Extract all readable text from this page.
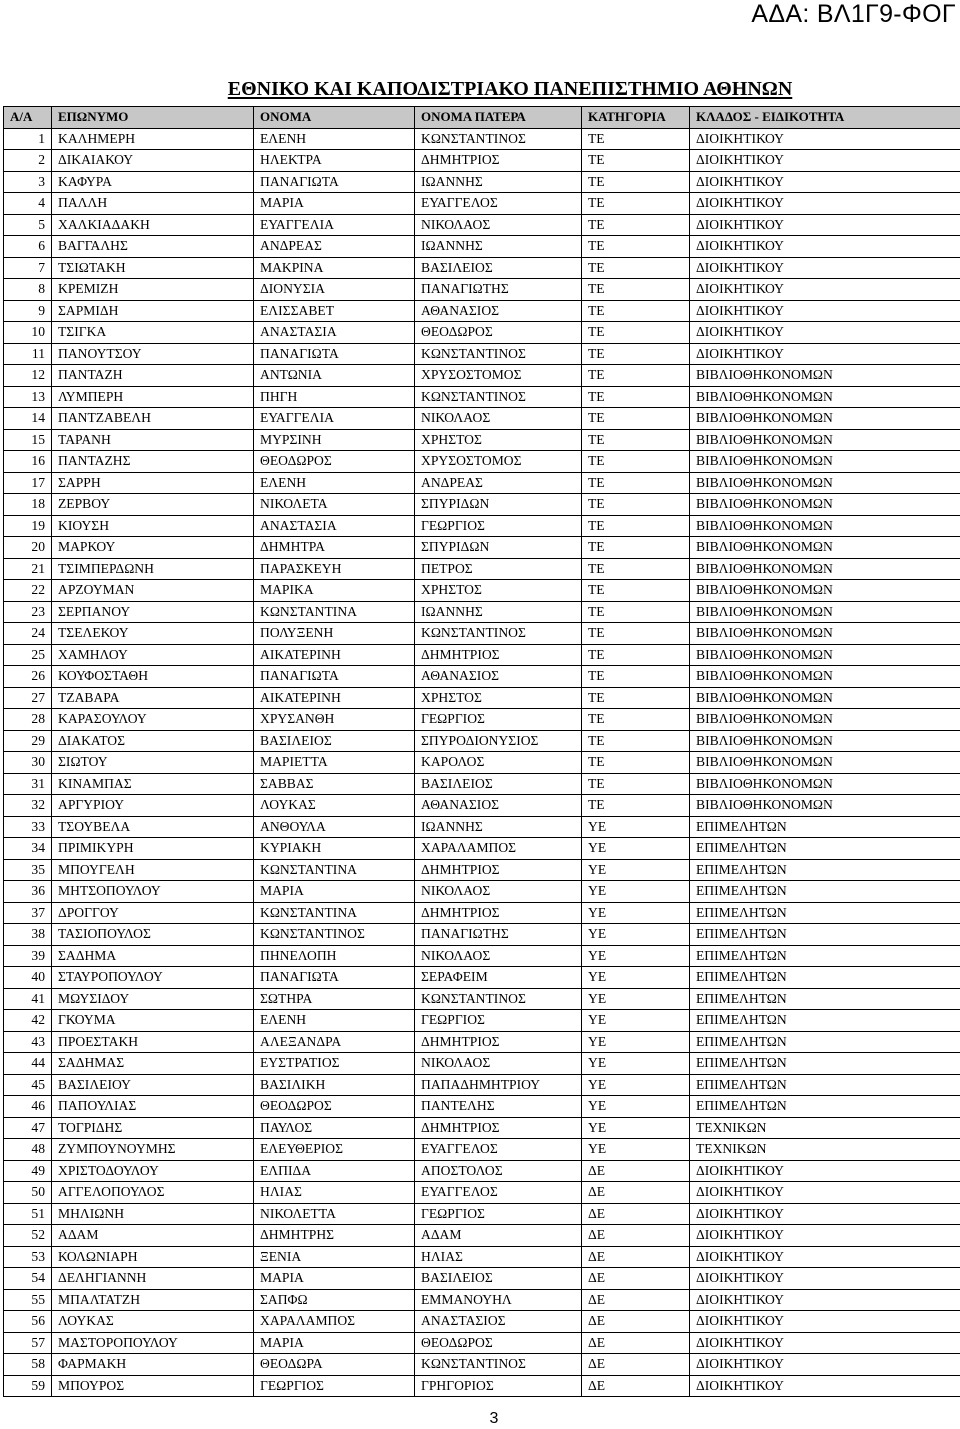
ΑΔΑ: ΒΛ1Γ9-ΦΟΓ
ΕΘΝΙΚΟ ΚΑΙ ΚΑΠΟΔΙΣΤΡΙΑΚΟ ΠΑΝΕΠΙΣΤΗΜΙΟ ΑΘΗΝΩΝ
Α/Α	ΕΠΩΝΥΜΟ	ΟΝΟΜΑ	ΟΝΟΜΑ ΠΑΤΕΡΑ	ΚΑΤΗΓΟΡΙΑ	ΚΛΑΔΟΣ - ΕΙΔΙΚΟΤΗΤΑ
1	ΚΑΛΗΜΕΡΗ	ΕΛΕΝΗ	ΚΩΝΣΤΑΝΤΙΝΟΣ	ΤΕ	ΔΙΟΙΚΗΤΙΚΟΥ
2	ΔΙΚΑΙΑΚΟΥ	ΗΛΕΚΤΡΑ	ΔΗΜΗΤΡΙΟΣ	ΤΕ	ΔΙΟΙΚΗΤΙΚΟΥ
3	ΚΑΦΥΡΑ	ΠΑΝΑΓΙΩΤΑ	ΙΩΑΝΝΗΣ	ΤΕ	ΔΙΟΙΚΗΤΙΚΟΥ
4	ΠΑΛΛΗ	ΜΑΡΙΑ	ΕΥΑΓΓΕΛΟΣ	ΤΕ	ΔΙΟΙΚΗΤΙΚΟΥ
5	ΧΑΛΚΙΑΔΑΚΗ	ΕΥΑΓΓΕΛΙΑ	ΝΙΚΟΛΑΟΣ	ΤΕ	ΔΙΟΙΚΗΤΙΚΟΥ
6	ΒΑΓΓΑΛΗΣ	ΑΝΔΡΕΑΣ	ΙΩΑΝΝΗΣ	ΤΕ	ΔΙΟΙΚΗΤΙΚΟΥ
7	ΤΣΙΩΤΑΚΗ	ΜΑΚΡΙΝΑ	ΒΑΣΙΛΕΙΟΣ	ΤΕ	ΔΙΟΙΚΗΤΙΚΟΥ
8	ΚΡΕΜΙΖΗ	ΔΙΟΝΥΣΙΑ	ΠΑΝΑΓΙΩΤΗΣ	ΤΕ	ΔΙΟΙΚΗΤΙΚΟΥ
9	ΣΑΡΜΙΔΗ	ΕΛΙΣΣΑΒΕΤ	ΑΘΑΝΑΣΙΟΣ	ΤΕ	ΔΙΟΙΚΗΤΙΚΟΥ
10	ΤΣΙΓΚΑ	ΑΝΑΣΤΑΣΙΑ	ΘΕΟΔΩΡΟΣ	ΤΕ	ΔΙΟΙΚΗΤΙΚΟΥ
11	ΠΑΝΟΥΤΣΟΥ	ΠΑΝΑΓΙΩΤΑ	ΚΩΝΣΤΑΝΤΙΝΟΣ	ΤΕ	ΔΙΟΙΚΗΤΙΚΟΥ
12	ΠΑΝΤΑΖΗ	ΑΝΤΩΝΙΑ	ΧΡΥΣΟΣΤΟΜΟΣ	ΤΕ	ΒΙΒΛΙΟΘΗΚΟΝΟΜΩΝ
13	ΛΥΜΠΕΡΗ	ΠΗΓΗ	ΚΩΝΣΤΑΝΤΙΝΟΣ	ΤΕ	ΒΙΒΛΙΟΘΗΚΟΝΟΜΩΝ
14	ΠΑΝΤΖΑΒΕΛΗ	ΕΥΑΓΓΕΛΙΑ	ΝΙΚΟΛΑΟΣ	ΤΕ	ΒΙΒΛΙΟΘΗΚΟΝΟΜΩΝ
15	ΤΑΡΑΝΗ	ΜΥΡΣΙΝΗ	ΧΡΗΣΤΟΣ	ΤΕ	ΒΙΒΛΙΟΘΗΚΟΝΟΜΩΝ
16	ΠΑΝΤΑΖΗΣ	ΘΕΟΔΩΡΟΣ	ΧΡΥΣΟΣΤΟΜΟΣ	ΤΕ	ΒΙΒΛΙΟΘΗΚΟΝΟΜΩΝ
17	ΣΑΡΡΗ	ΕΛΕΝΗ	ΑΝΔΡΕΑΣ	ΤΕ	ΒΙΒΛΙΟΘΗΚΟΝΟΜΩΝ
18	ΖΕΡΒΟΥ	ΝΙΚΟΛΕΤΑ	ΣΠΥΡΙΔΩΝ	ΤΕ	ΒΙΒΛΙΟΘΗΚΟΝΟΜΩΝ
19	ΚΙΟΥΣΗ	ΑΝΑΣΤΑΣΙΑ	ΓΕΩΡΓΙΟΣ	ΤΕ	ΒΙΒΛΙΟΘΗΚΟΝΟΜΩΝ
20	ΜΑΡΚΟΥ	ΔΗΜΗΤΡΑ	ΣΠΥΡΙΔΩΝ	ΤΕ	ΒΙΒΛΙΟΘΗΚΟΝΟΜΩΝ
21	ΤΣΙΜΠΕΡΔΩΝΗ	ΠΑΡΑΣΚΕΥΗ	ΠΕΤΡΟΣ	ΤΕ	ΒΙΒΛΙΟΘΗΚΟΝΟΜΩΝ
22	ΑΡΖΟΥΜΑΝ	ΜΑΡΙΚΑ	ΧΡΗΣΤΟΣ	ΤΕ	ΒΙΒΛΙΟΘΗΚΟΝΟΜΩΝ
23	ΣΕΡΠΑΝΟΥ	ΚΩΝΣΤΑΝΤΙΝΑ	ΙΩΑΝΝΗΣ	ΤΕ	ΒΙΒΛΙΟΘΗΚΟΝΟΜΩΝ
24	ΤΣΕΛΕΚΟΥ	ΠΟΛΥΞΕΝΗ	ΚΩΝΣΤΑΝΤΙΝΟΣ	ΤΕ	ΒΙΒΛΙΟΘΗΚΟΝΟΜΩΝ
25	ΧΑΜΗΛΟΥ	ΑΙΚΑΤΕΡΙΝΗ	ΔΗΜΗΤΡΙΟΣ	ΤΕ	ΒΙΒΛΙΟΘΗΚΟΝΟΜΩΝ
26	ΚΟΥΦΟΣΤΑΘΗ	ΠΑΝΑΓΙΩΤΑ	ΑΘΑΝΑΣΙΟΣ	ΤΕ	ΒΙΒΛΙΟΘΗΚΟΝΟΜΩΝ
27	ΤΖΑΒΑΡΑ	ΑΙΚΑΤΕΡΙΝΗ	ΧΡΗΣΤΟΣ	ΤΕ	ΒΙΒΛΙΟΘΗΚΟΝΟΜΩΝ
28	ΚΑΡΑΣΟΥΛΟΥ	ΧΡΥΣΑΝΘΗ	ΓΕΩΡΓΙΟΣ	ΤΕ	ΒΙΒΛΙΟΘΗΚΟΝΟΜΩΝ
29	ΔΙΑΚΑΤΟΣ	ΒΑΣΙΛΕΙΟΣ	ΣΠΥΡΟΔΙΟΝΥΣΙΟΣ	ΤΕ	ΒΙΒΛΙΟΘΗΚΟΝΟΜΩΝ
30	ΣΙΩΤΟΥ	ΜΑΡΙΕΤΤΑ	ΚΑΡΟΛΟΣ	ΤΕ	ΒΙΒΛΙΟΘΗΚΟΝΟΜΩΝ
31	ΚΙΝΑΜΠΑΣ	ΣΑΒΒΑΣ	ΒΑΣΙΛΕΙΟΣ	ΤΕ	ΒΙΒΛΙΟΘΗΚΟΝΟΜΩΝ
32	ΑΡΓΥΡΙΟΥ	ΛΟΥΚΑΣ	ΑΘΑΝΑΣΙΟΣ	ΤΕ	ΒΙΒΛΙΟΘΗΚΟΝΟΜΩΝ
33	ΤΣΟΥΒΕΛΑ	ΑΝΘΟΥΛΑ	ΙΩΑΝΝΗΣ	ΥΕ	ΕΠΙΜΕΛΗΤΩΝ
34	ΠΡΙΜΙΚΥΡΗ	ΚΥΡΙΑΚΗ	ΧΑΡΑΛΑΜΠΟΣ	ΥΕ	ΕΠΙΜΕΛΗΤΩΝ
35	ΜΠΟΥΓΕΛΗ	ΚΩΝΣΤΑΝΤΙΝΑ	ΔΗΜΗΤΡΙΟΣ	ΥΕ	ΕΠΙΜΕΛΗΤΩΝ
36	ΜΗΤΣΟΠΟΥΛΟΥ	ΜΑΡΙΑ	ΝΙΚΟΛΑΟΣ	ΥΕ	ΕΠΙΜΕΛΗΤΩΝ
37	ΔΡΟΓΓΟΥ	ΚΩΝΣΤΑΝΤΙΝΑ	ΔΗΜΗΤΡΙΟΣ	ΥΕ	ΕΠΙΜΕΛΗΤΩΝ
38	ΤΑΣΙΟΠΟΥΛΟΣ	ΚΩΝΣΤΑΝΤΙΝΟΣ	ΠΑΝΑΓΙΩΤΗΣ	ΥΕ	ΕΠΙΜΕΛΗΤΩΝ
39	ΣΑΔΗΜΑ	ΠΗΝΕΛΟΠΗ	ΝΙΚΟΛΑΟΣ	ΥΕ	ΕΠΙΜΕΛΗΤΩΝ
40	ΣΤΑΥΡΟΠΟΥΛΟΥ	ΠΑΝΑΓΙΩΤΑ	ΣΕΡΑΦΕΙΜ	ΥΕ	ΕΠΙΜΕΛΗΤΩΝ
41	ΜΩΥΣΙΔΟΥ	ΣΩΤΗΡΑ	ΚΩΝΣΤΑΝΤΙΝΟΣ	ΥΕ	ΕΠΙΜΕΛΗΤΩΝ
42	ΓΚΟΥΜΑ	ΕΛΕΝΗ	ΓΕΩΡΓΙΟΣ	ΥΕ	ΕΠΙΜΕΛΗΤΩΝ
43	ΠΡΟΕΣΤΑΚΗ	ΑΛΕΞΑΝΔΡΑ	ΔΗΜΗΤΡΙΟΣ	ΥΕ	ΕΠΙΜΕΛΗΤΩΝ
44	ΣΑΔΗΜΑΣ	ΕΥΣΤΡΑΤΙΟΣ	ΝΙΚΟΛΑΟΣ	ΥΕ	ΕΠΙΜΕΛΗΤΩΝ
45	ΒΑΣΙΛΕΙΟΥ	ΒΑΣΙΛΙΚΗ	ΠΑΠΑΔΗΜΗΤΡΙΟΥ	ΥΕ	ΕΠΙΜΕΛΗΤΩΝ
46	ΠΑΠΟΥΛΙΑΣ	ΘΕΟΔΩΡΟΣ	ΠΑΝΤΕΛΗΣ	ΥΕ	ΕΠΙΜΕΛΗΤΩΝ
47	ΤΟΓΡΙΔΗΣ	ΠΑΥΛΟΣ	ΔΗΜΗΤΡΙΟΣ	ΥΕ	ΤΕΧΝΙΚΩΝ
48	ΖΥΜΠΟΥΝΟΥΜΗΣ	ΕΛΕΥΘΕΡΙΟΣ	ΕΥΑΓΓΕΛΟΣ	ΥΕ	ΤΕΧΝΙΚΩΝ
49	ΧΡΙΣΤΟΔΟΥΛΟΥ	ΕΛΠΙΔΑ	ΑΠΟΣΤΟΛΟΣ	ΔΕ	ΔΙΟΙΚΗΤΙΚΟΥ
50	ΑΓΓΕΛΟΠΟΥΛΟΣ	ΗΛΙΑΣ	ΕΥΑΓΓΕΛΟΣ	ΔΕ	ΔΙΟΙΚΗΤΙΚΟΥ
51	ΜΗΛΙΩΝΗ	ΝΙΚΟΛΕΤΤΑ	ΓΕΩΡΓΙΟΣ	ΔΕ	ΔΙΟΙΚΗΤΙΚΟΥ
52	ΑΔΑΜ	ΔΗΜΗΤΡΗΣ	ΑΔΑΜ	ΔΕ	ΔΙΟΙΚΗΤΙΚΟΥ
53	ΚΟΛΩΝΙΑΡΗ	ΞΕΝΙΑ	ΗΛΙΑΣ	ΔΕ	ΔΙΟΙΚΗΤΙΚΟΥ
54	ΔΕΛΗΓΙΑΝΝΗ	ΜΑΡΙΑ	ΒΑΣΙΛΕΙΟΣ	ΔΕ	ΔΙΟΙΚΗΤΙΚΟΥ
55	ΜΠΑΛΤΑΤΖΗ	ΣΑΠΦΩ	ΕΜΜΑΝΟΥΗΛ	ΔΕ	ΔΙΟΙΚΗΤΙΚΟΥ
56	ΛΟΥΚΑΣ	ΧΑΡΑΛΑΜΠΟΣ	ΑΝΑΣΤΑΣΙΟΣ	ΔΕ	ΔΙΟΙΚΗΤΙΚΟΥ
57	ΜΑΣΤΟΡΟΠΟΥΛΟΥ	ΜΑΡΙΑ	ΘΕΟΔΩΡΟΣ	ΔΕ	ΔΙΟΙΚΗΤΙΚΟΥ
58	ΦΑΡΜΑΚΗ	ΘΕΟΔΩΡΑ	ΚΩΝΣΤΑΝΤΙΝΟΣ	ΔΕ	ΔΙΟΙΚΗΤΙΚΟΥ
59	ΜΠΟΥΡΟΣ	ΓΕΩΡΓΙΟΣ	ΓΡΗΓΟΡΙΟΣ	ΔΕ	ΔΙΟΙΚΗΤΙΚΟΥ
3
